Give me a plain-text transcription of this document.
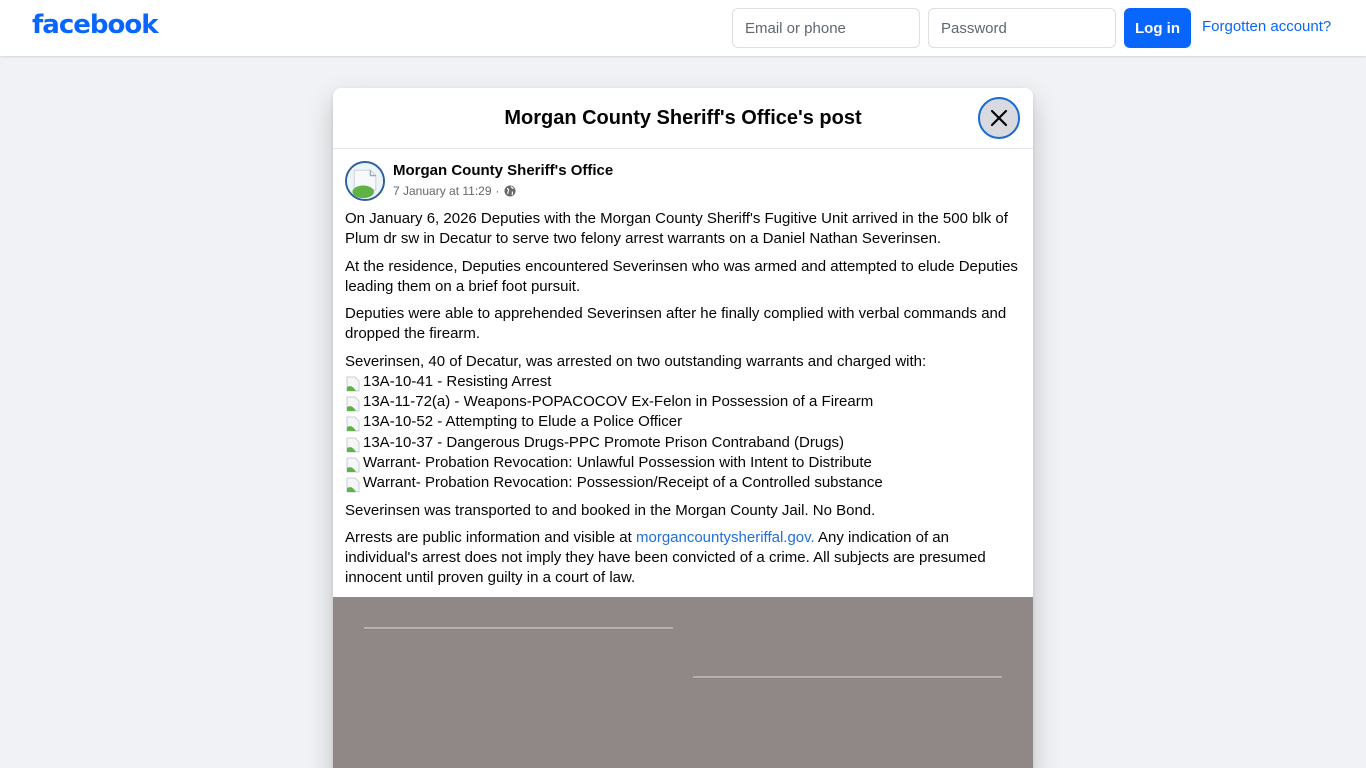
facebook
Email or phone	Log in	Forgotten account?
Morgan County Sheriff's Office's post
Morgan County Sheriff's Office
7 January at 11:29 ·

On January 6, 2026 Deputies with the Morgan County Sheriff's Fugitive Unit arrived in the 500 blk of Plum dr sw in Decatur to serve two felony arrest warrants on a Daniel Nathan Severinsen.

At the residence, Deputies encountered Severinsen who was armed and attempted to elude Deputies leading them on a brief foot pursuit.

Deputies were able to apprehended Severinsen after he finally complied with verbal commands and dropped the firearm.

Severinsen, 40 of Decatur, was arrested on two outstanding warrants and charged with:
13A-10-41 - Resisting Arrest
13A-11-72(a) - Weapons-POPACOCOV Ex-Felon in Possession of a Firearm
13A-10-52 - Attempting to Elude a Police Officer
13A-10-37 - Dangerous Drugs-PPC Promote Prison Contraband (Drugs)
Warrant- Probation Revocation: Unlawful Possession with Intent to Distribute
Warrant- Probation Revocation: Possession/Receipt of a Controlled substance

Severinsen was transported to and booked in the Morgan County Jail. No Bond.

Arrests are public information and visible at morgancountysheriffal.gov. Any indication of an individual's arrest does not imply they have been convicted of a crime. All subjects are presumed innocent until proven guilty in a court of law.
